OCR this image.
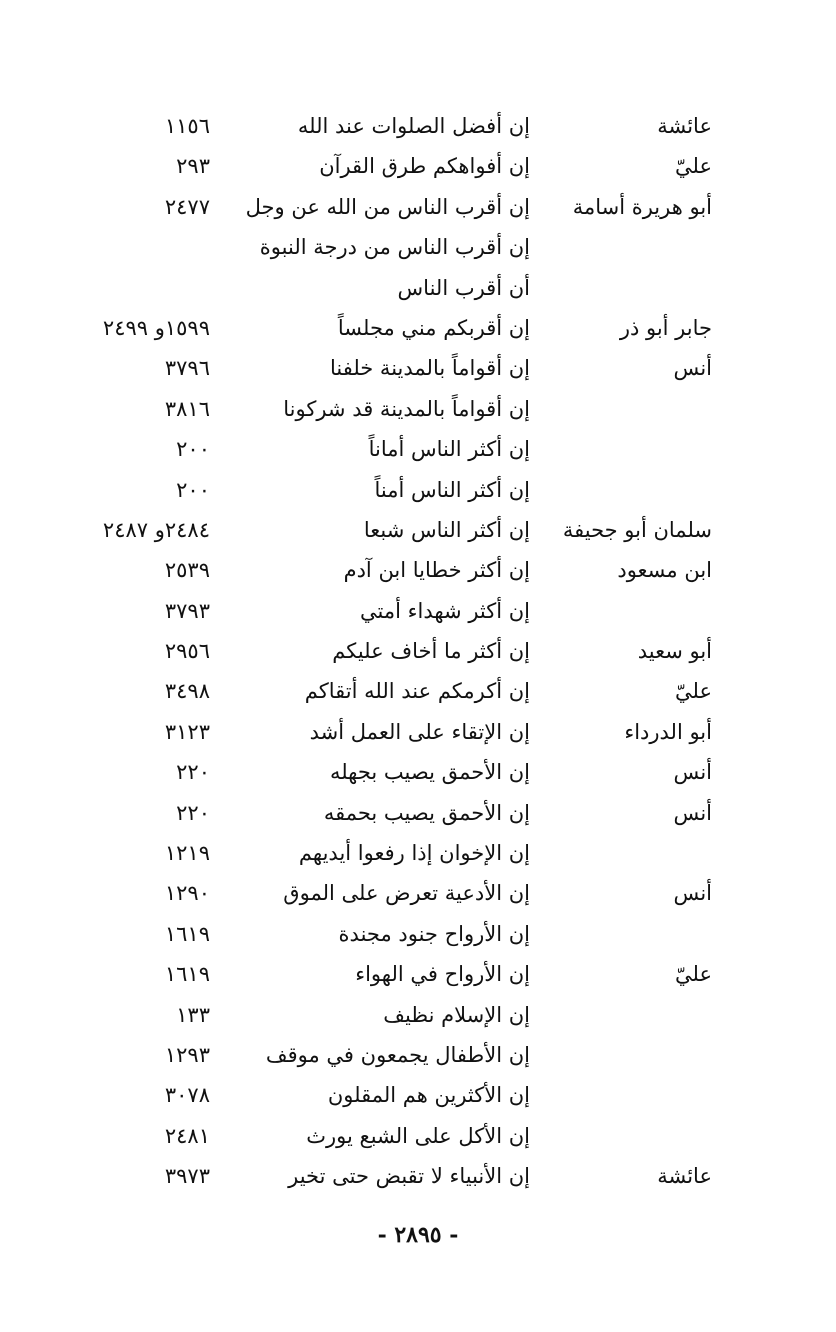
عائشة
إن أفضل الصلوات عند الله
١١٥٦
عليّ
إن أفواهكم طرق القرآن
٢٩٣
أبو هريرة أسامة
إن أقرب الناس من الله عن وجل
٢٤٧٧
إن أقرب الناس من درجة النبوة
أن أقرب الناس
جابر أبو ذر
إن أقربكم مني مجلساً
١٥٩٩و ٢٤٩٩
أنس
إن أقواماً بالمدينة خلفنا
٣٧٩٦
إن أقواماً بالمدينة قد شركونا
٣٨١٦
إن أكثر الناس أماناً
٢٠٠
إن أكثر الناس أمناً
٢٠٠
سلمان أبو جحيفة
إن أكثر الناس شبعا
٢٤٨٤و ٢٤٨٧
ابن مسعود
إن أكثر خطايا ابن آدم
٢٥٣٩
إن أكثر شهداء أمتي
٣٧٩٣
أبو سعيد
إن أكثر ما أخاف عليكم
٢٩٥٦
عليّ
إن أكرمكم عند الله أتقاكم
٣٤٩٨
أبو الدرداء
إن الإتقاء على العمل أشد
٣١٢٣
أنس
إن الأحمق يصيب بجهله
٢٢٠
أنس
إن الأحمق يصيب بحمقه
٢٢٠
إن الإخوان إذا رفعوا أيديهم
١٢١٩
أنس
إن الأدعية تعرض على الموق
١٢٩٠
إن الأرواح جنود مجندة
١٦١٩
عليّ
إن الأرواح في الهواء
١٦١٩
إن الإسلام نظيف
١٣٣
إن الأطفال يجمعون في موقف
١٢٩٣
إن الأكثرين هم المقلون
٣٠٧٨
إن الأكل على الشبع يورث
٢٤٨١
عائشة
إن الأنبياء لا تقبض حتى تخير
٣٩٧٣
- ٢٨٩٥ -
